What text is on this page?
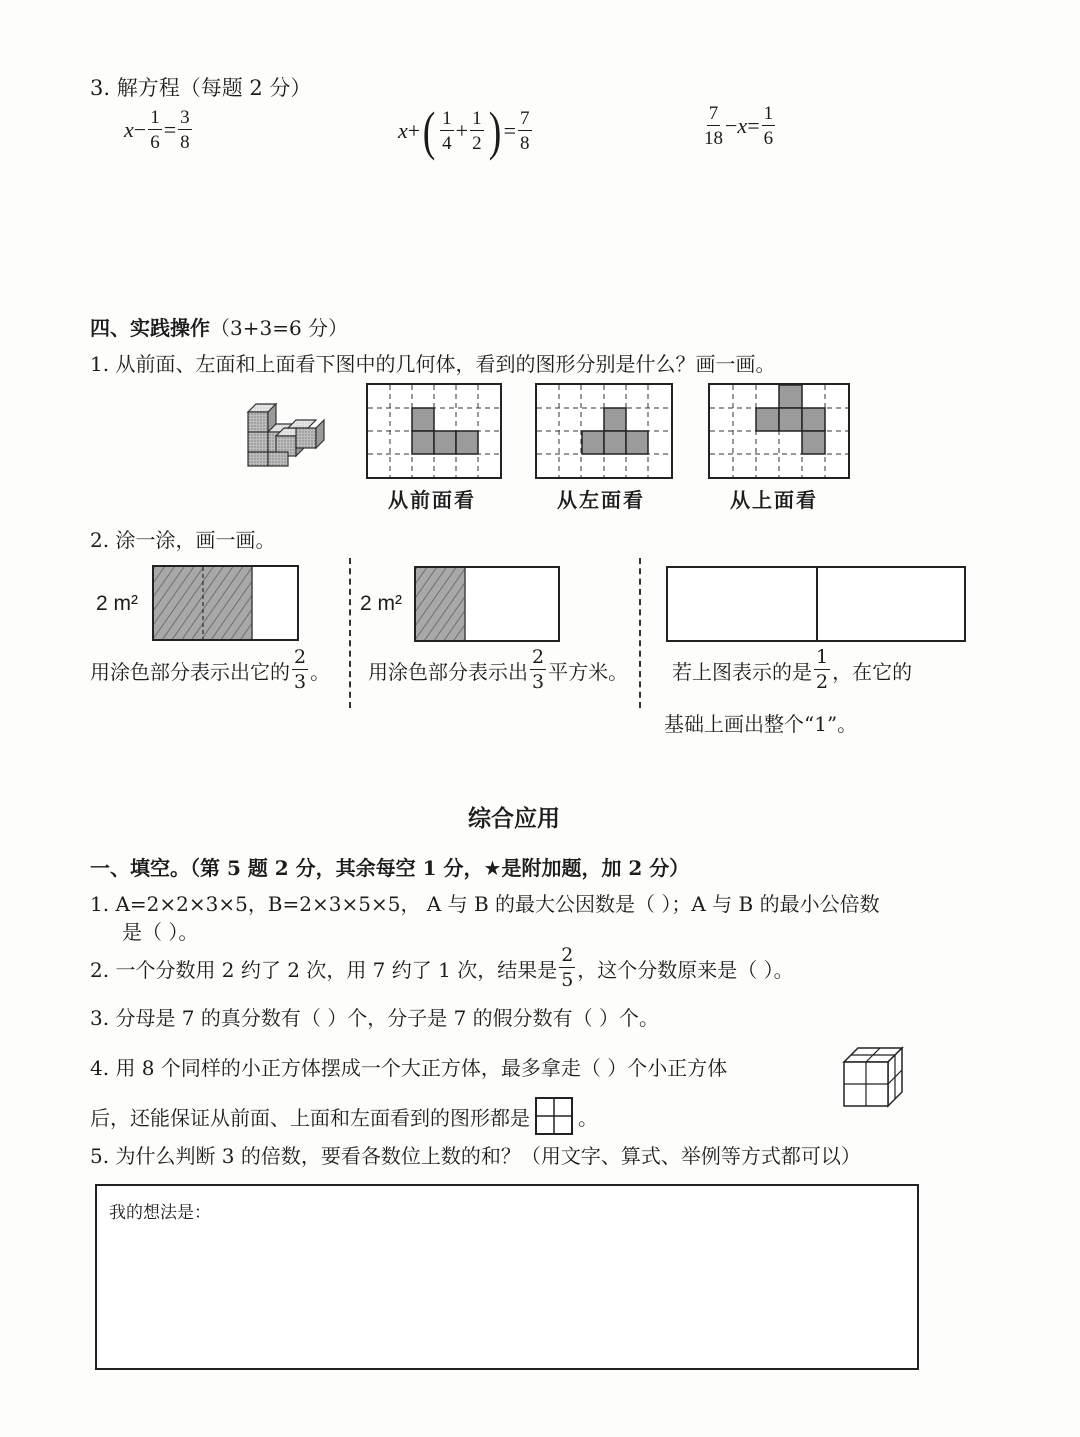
3. 解方程（每题 2 分）
$x - \frac{1}{6} = \frac{3}{8}$	x + ( $\frac{1}{4} + \frac{1}{2}$ ) = $\frac{7}{8}$	$\frac{7}{18} - x = \frac{1}{6}$
四、实践操作（3+3=6 分）
1. 从前面、左面和上面看下图中的几何体，看到的图形分别是什么？画一画。
从前面看	从左面看	从上面看
2. 涂一涂，画一画。
2 m²	2 m²
用涂色部分表示出它的 $\frac{2}{3}$ 。 用涂色部分表示出 $\frac{2}{3}$ 平方米。 若上图表示的是 $\frac{1}{2}$ ，在它的
基础上画出整个“1”。
综合应用
一、填空。（第 5 题 2 分，其余每空 1 分，★是附加题，加 2 分）
1. A=2×2×3×5，B=2×3×5×5， A 与 B 的最大公因数是（ ）；A 与 B 的最小公倍数
是（ ）。
2. 一个分数用 2 约了 2 次，用 7 约了 1 次，结果是 $\frac{2}{5}$ ，这个分数原来是（ ）。
3. 分母是 7 的真分数有（ ）个，分子是 7 的假分数有（ ）个。
4. 用 8 个同样的小正方体摆成一个大正方体，最多拿走（ ）个小正方体
后，还能保证从前面、上面和左面看到的图形都是 。
5. 为什么判断 3 的倍数，要看各数位上数的和？（用文字、算式、举例等方式都可以）
我的想法是：
